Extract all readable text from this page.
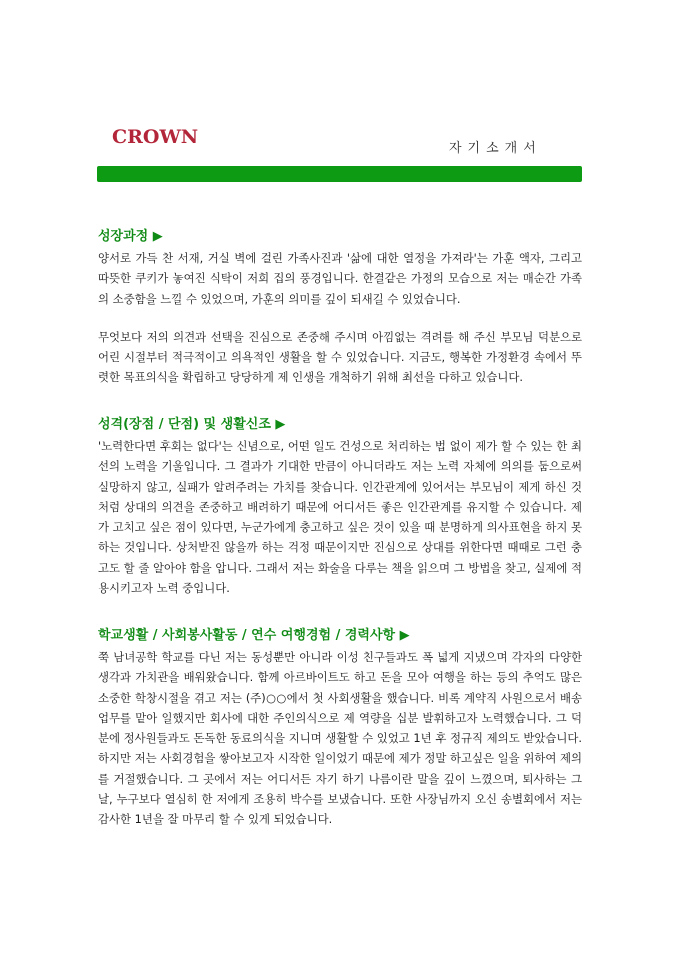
CROWN
자기소개서
성장과정 ▶

양서로 가득 찬 서재, 거실 벽에 걸린 가족사진과 '삶에 대한 열정을 가져라'는 가훈 액자, 그리고 따뜻한 쿠키가 놓여진 식탁이 저희 집의 풍경입니다. 한결같은 가정의 모습으로 저는 매순간 가족의 소중함을 느낄 수 있었으며, 가훈의 의미를 깊이 되새길 수 있었습니다.

무엇보다 저의 의견과 선택을 진심으로 존중해 주시며 아낌없는 격려를 해 주신 부모님 덕분으로 어린 시절부터 적극적이고 의욕적인 생활을 할 수 있었습니다. 지금도, 행복한 가정환경 속에서 뚜렷한 목표의식을 확립하고 당당하게 제 인생을 개척하기 위해 최선을 다하고 있습니다.

성격(장점 / 단점) 및 생활신조 ▶

'노력한다면 후회는 없다'는 신념으로, 어떤 일도 건성으로 처리하는 법 없이 제가 할 수 있는 한 최선의 노력을 기울입니다. 그 결과가 기대한 만큼이 아니더라도 저는 노력 자체에 의의를 둠으로써 실망하지 않고, 실패가 알려주려는 가치를 찾습니다. 인간관계에 있어서는 부모님이 제게 하신 것처럼 상대의 의견을 존중하고 배려하기 때문에 어디서든 좋은 인간관계를 유지할 수 있습니다. 제가 고치고 싶은 점이 있다면, 누군가에게 충고하고 싶은 것이 있을 때 분명하게 의사표현을 하지 못하는 것입니다. 상처받진 않을까 하는 걱정 때문이지만 진심으로 상대를 위한다면 때때로 그런 충고도 할 줄 알아야 함을 압니다. 그래서 저는 화술을 다루는 책을 읽으며 그 방법을 찾고, 실제에 적용시키고자 노력 중입니다.

학교생활 / 사회봉사활동 / 연수 여행경험 / 경력사항 ▶

쭉 남녀공학 학교를 다닌 저는 동성뿐만 아니라 이성 친구들과도 폭 넓게 지냈으며 각자의 다양한 생각과 가치관을 배워왔습니다. 함께 아르바이트도 하고 돈을 모아 여행을 하는 등의 추억도 많은 소중한 학창시절을 겪고 저는 (주)○○에서 첫 사회생활을 했습니다. 비록 계약직 사원으로서 배송 업무를 맡아 일했지만 회사에 대한 주인의식으로 제 역량을 십분 발휘하고자 노력했습니다. 그 덕분에 정사원들과도 돈독한 동료의식을 지니며 생활할 수 있었고 1년 후 정규직 제의도 받았습니다. 하지만 저는 사회경험을 쌓아보고자 시작한 일이었기 때문에 제가 정말 하고싶은 일을 위하여 제의를 거절했습니다. 그 곳에서 저는 어디서든 자기 하기 나름이란 말을 깊이 느꼈으며, 퇴사하는 그 날, 누구보다 열심히 한 저에게 조용히 박수를 보냈습니다. 또한 사장님까지 오신 송별회에서 저는 감사한 1년을 잘 마무리 할 수 있게 되었습니다.
